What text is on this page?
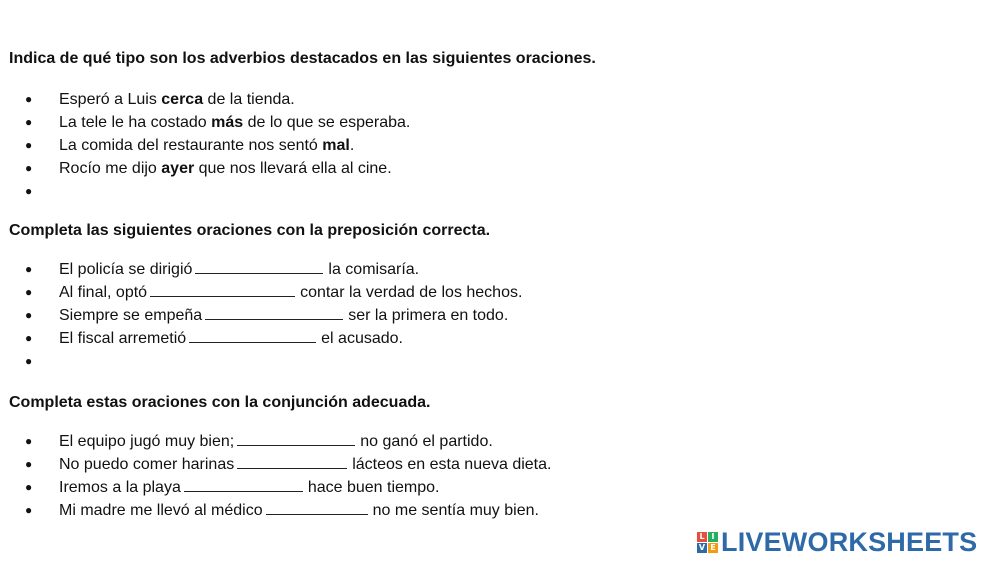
Indica de qué tipo son los adverbios destacados en las siguientes oraciones.

● Esperó a Luis cerca de la tienda.
● La tele le ha costado más de lo que se esperaba.
● La comida del restaurante nos sentó mal.
● Rocío me dijo ayer que nos llevará ella al cine.
●

Completa las siguientes oraciones con la preposición correcta.

● El policía se dirigió	la comisaría.
● Al final, optó	contar la verdad de los hechos.
● Siempre se empeña	ser la primera en todo.
● El fiscal arremetió	el acusado.
●

Completa estas oraciones con la conjunción adecuada.

● El equipo jugó muy bien;	no ganó el partido.
● No puedo comer harinas	lácteos en esta nueva dieta.
● Iremos a la playa	hace buen tiempo.
● Mi madre me llevó al médico	no me sentía muy bien.
L I
V E LIVEWORKSHEETS
